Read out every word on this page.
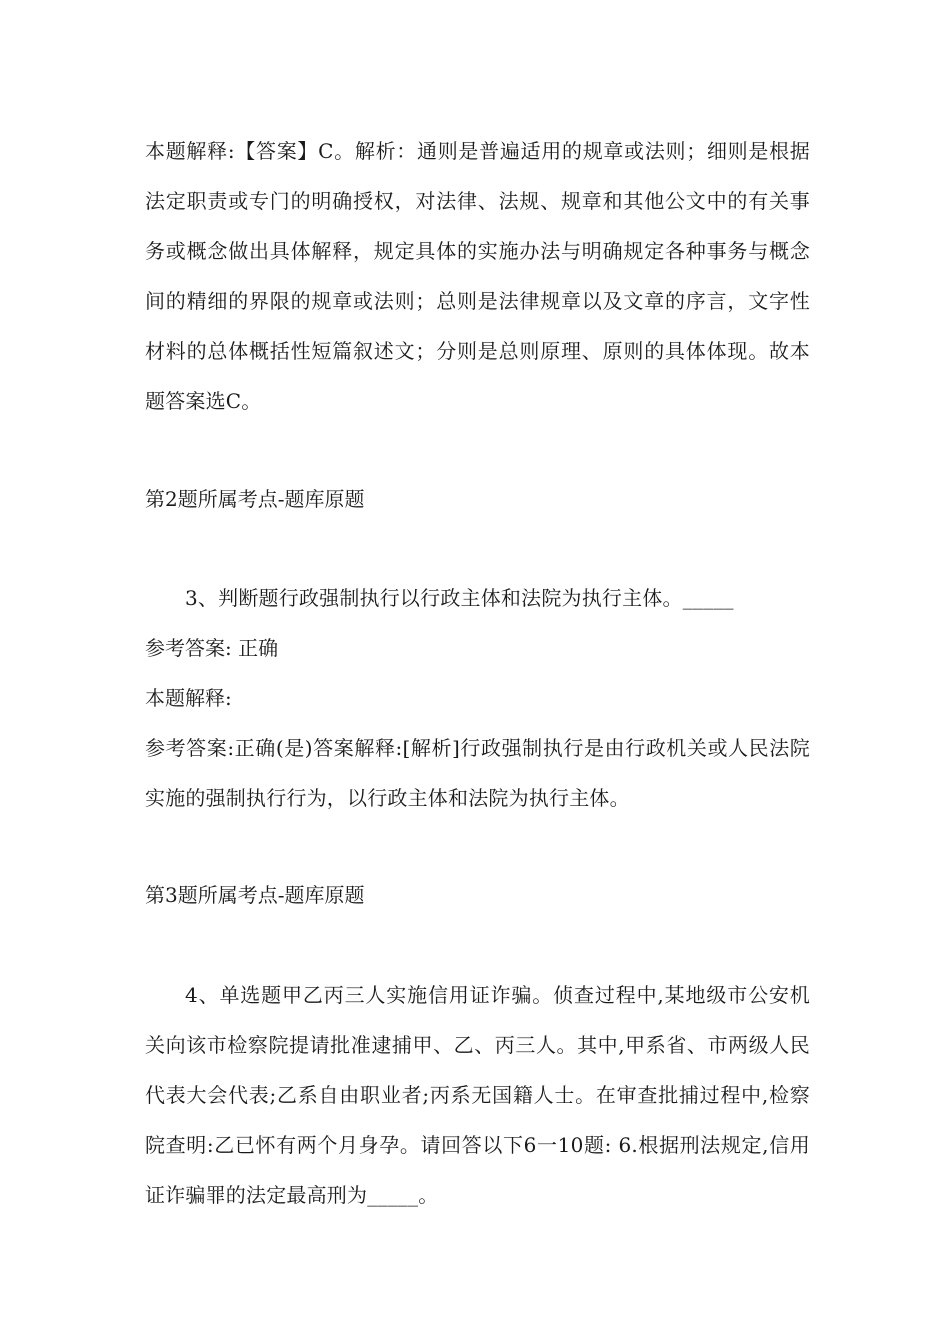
本题解释:【答案】C。解析：通则是普遍适用的规章或法则；细则是根据法定职责或专门的明确授权，对法律、法规、规章和其他公文中的有关事务或概念做出具体解释，规定具体的实施办法与明确规定各种事务与概念间的精细的界限的规章或法则；总则是法律规章以及文章的序言，文字性材料的总体概括性短篇叙述文；分则是总则原理、原则的具体体现。故本题答案选C。

第2题所属考点-题库原题

3、判断题行政强制执行以行政主体和法院为执行主体。_____

参考答案: 正确

本题解释:

参考答案:正确(是)答案解释:[解析]行政强制执行是由行政机关或人民法院实施的强制执行行为，以行政主体和法院为执行主体。

第3题所属考点-题库原题

4、单选题甲乙丙三人实施信用证诈骗。侦查过程中,某地级市公安机关向该市检察院提请批准逮捕甲、乙、丙三人。其中,甲系省、市两级人民代表大会代表;乙系自由职业者;丙系无国籍人士。在审查批捕过程中,检察院查明:乙已怀有两个月身孕。请回答以下6一10题: 6.根据刑法规定,信用证诈骗罪的法定最高刑为_____。
